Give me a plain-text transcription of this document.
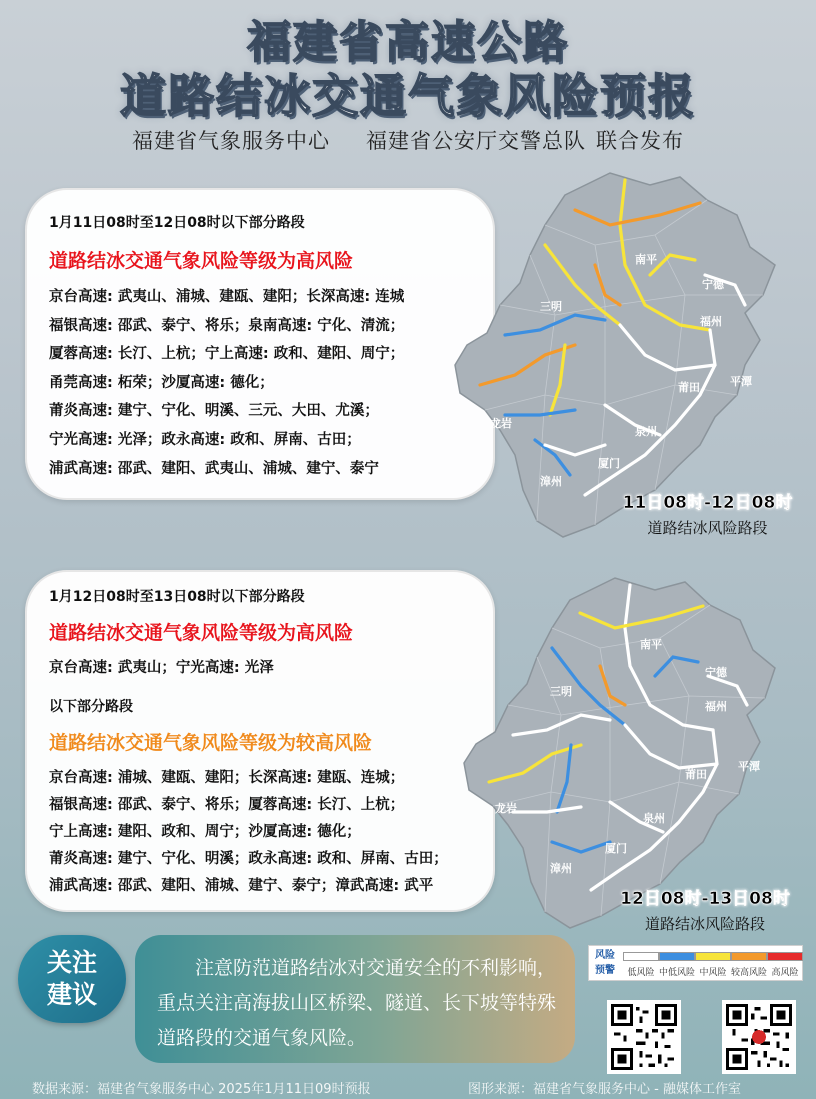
福建省高速公路
道路结冰交通气象风险预报
福建省气象服务中心 福建省公安厅交警总队 联合发布
1月11日08时至12日08时以下部分路段
道路结冰交通气象风险等级为高风险
京台高速: 武夷山、浦城、建瓯、建阳；长深高速: 连城
福银高速: 邵武、泰宁、将乐；泉南高速: 宁化、清流；
厦蓉高速: 长汀、上杭；宁上高速: 政和、建阳、周宁；
甬莞高速: 柘荣；沙厦高速: 德化；
莆炎高速: 建宁、宁化、明溪、三元、大田、尤溪；
宁光高速: 光泽；政永高速: 政和、屏南、古田；
浦武高速: 邵武、建阳、武夷山、浦城、建宁、泰宁
南平
宁德
三明
福州
莆田	平潭
龙岩
泉州
厦门
漳州
11日08时-12日08时
道路结冰风险路段
1月12日08时至13日08时以下部分路段
道路结冰交通气象风险等级为高风险
京台高速: 武夷山；宁光高速: 光泽
以下部分路段
道路结冰交通气象风险等级为较高风险
京台高速: 浦城、建瓯、建阳；长深高速: 建瓯、连城；
福银高速: 邵武、泰宁、将乐；厦蓉高速: 长汀、上杭；
宁上高速: 建阳、政和、周宁；沙厦高速: 德化；
莆炎高速: 建宁、宁化、明溪；政永高速: 政和、屏南、古田；
浦武高速: 邵武、建阳、浦城、建宁、泰宁；漳武高速: 武平
南平
宁德
三明
福州
莆田
平潭
龙岩
泉州
厦门
漳州
12日08时-13日08时
道路结冰风险路段
关注
建议
注意防范道路结冰对交通安全的不利影响，重点关注高海拔山区桥梁、隧道、长下坡等特殊道路段的交通气象风险。
风险
预警	低风险 中低风险 中风险 较高风险 高风险
数据来源：福建省气象服务中心 2025年1月11日09时预报	图形来源：福建省气象服务中心 - 融媒体工作室
